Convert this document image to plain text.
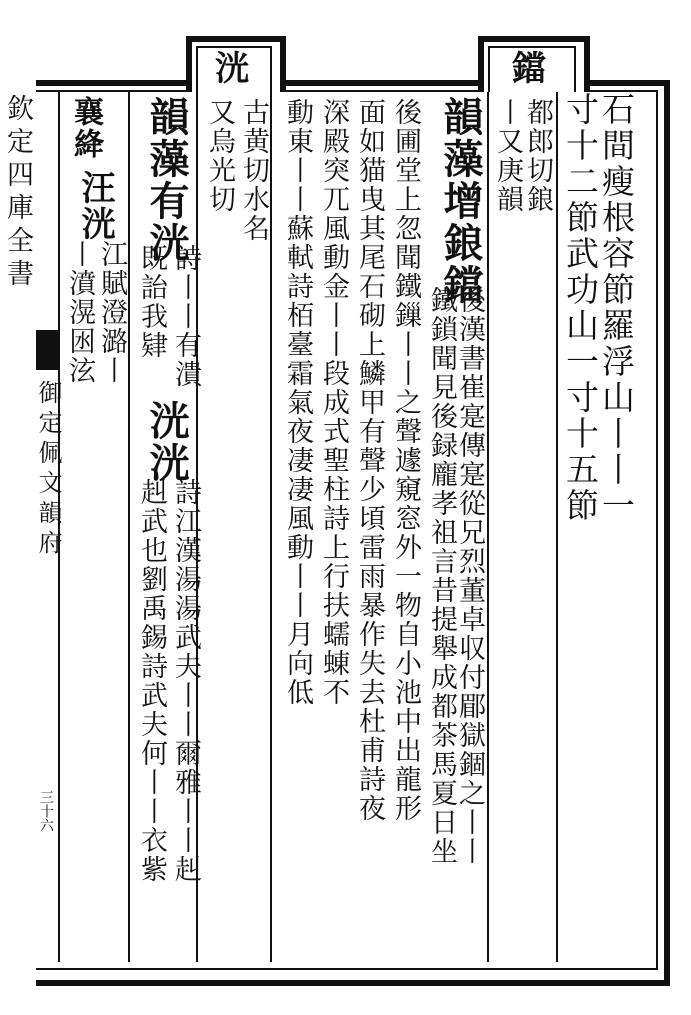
洸	鐺
石間瘦根容節羅浮山丨丨一
寸十二節武功山一寸十五節
都郎切鋃
丨又庚韻
韻藻增鋃鐺
後漢書崔寔傳寔從兄烈董卓収付郿獄錮之丨丨
鐵鎖聞見後録龐孝祖言昔提舉成都茶馬夏日坐
後圃堂上忽聞鐵鏁丨丨之聲遽窺窓外一物自小池中出龍形
面如猫曳其尾石砌上鱗甲有聲少頃雷雨暴作失去杜甫詩夜
深殿突兀風動金丨丨段成式聖柱詩上行扶蠕蝀不
動東丨丨蘇軾詩栢臺霜氣夜凄凄風動丨丨月向低
古黄切水名
又烏光切
韻藻有洸
詩丨丨有潰
既詒我肄
洸洸
詩江漢湯湯武夫丨丨爾雅丨丨赳
赳武也劉禹錫詩武夫何丨丨衣紫
襄絳
汪洸
丨濆滉囦泫 江賦澄潞丨
欽定四庫全書
御定佩文韻府
三十六
